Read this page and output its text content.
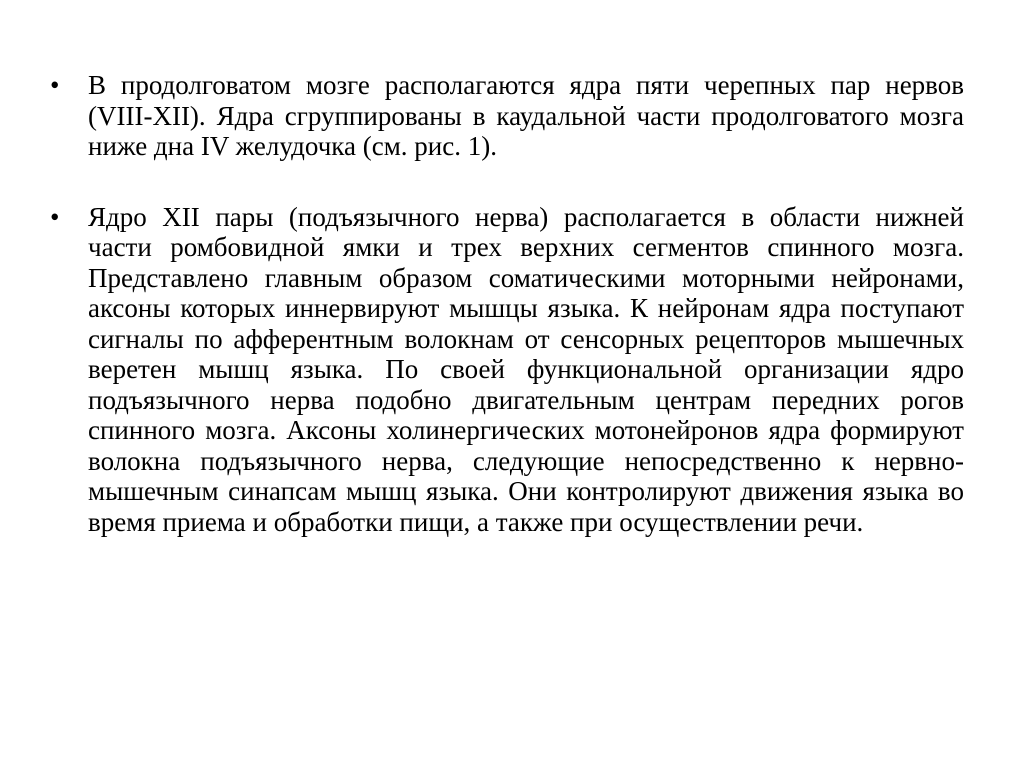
•	В продолговатом мозге располагаются ядра пяти черепных пар нервов (VIII-XII). Ядра сгруппированы в каудальной части продолговатого мозга ниже дна IV желудочка (см. рис. 1).

•	Ядро XII пары (подъязычного нерва) располагается в области нижней части ромбовидной ямки и трех верхних сегментов спинного мозга. Представлено главным образом соматическими моторными нейронами, аксоны которых иннервируют мышцы языка. К нейронам ядра поступают сигналы по афферентным волокнам от сенсорных рецепторов мышечных веретен мышц языка. По своей функциональной организации ядро подъязычного нерва подобно двигательным центрам передних рогов спинного мозга. Аксоны холинергических мотонейронов ядра формируют волокна подъязычного нерва, следующие непосредственно к нервно-мышечным синапсам мышц языка. Они контролируют движения языка во время приема и обработки пищи, а также при осуществлении речи.
